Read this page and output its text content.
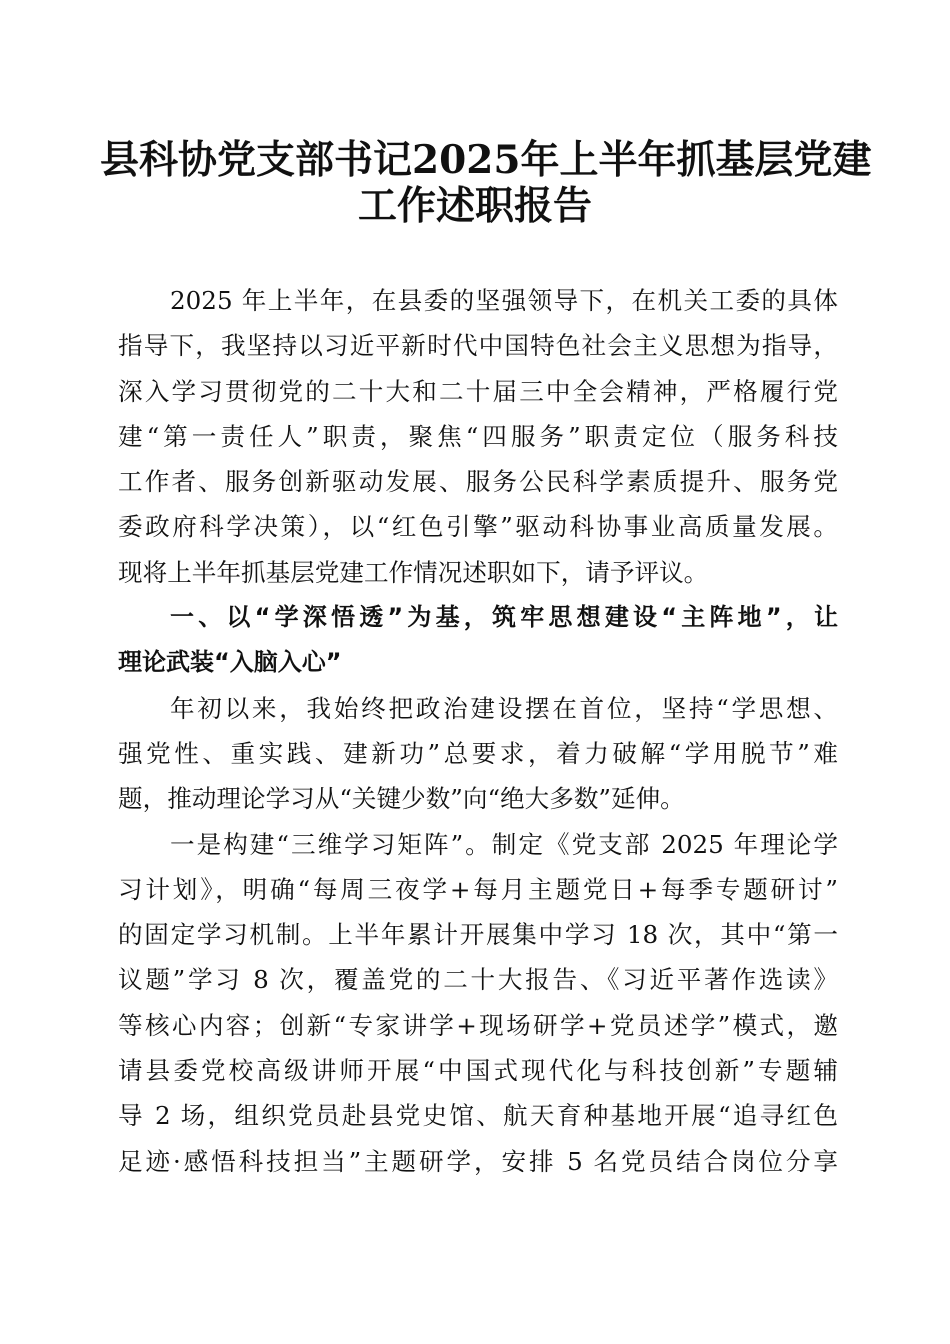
县科协党支部书记2025年上半年抓基层党建
工作述职报告
2025 年上半年，在县委的坚强领导下，在机关工委的具体
指导下，我坚持以习近平新时代中国特色社会主义思想为指导，
深入学习贯彻党的二十大和二十届三中全会精神，严格履行党
建“第一责任人”职责，聚焦“四服务”职责定位（服务科技
工作者、服务创新驱动发展、服务公民科学素质提升、服务党
委政府科学决策），以“红色引擎”驱动科协事业高质量发展。
现将上半年抓基层党建工作情况述职如下，请予评议。
一、以“学深悟透”为基，筑牢思想建设“主阵地”，让
理论武装“入脑入心”
年初以来，我始终把政治建设摆在首位，坚持“学思想、
强党性、重实践、建新功”总要求，着力破解“学用脱节”难
题，推动理论学习从“关键少数”向“绝大多数”延伸。
一是构建“三维学习矩阵”。制定《党支部 2025 年理论学
习计划》，明确“每周三夜学+每月主题党日+每季专题研讨”
的固定学习机制。上半年累计开展集中学习 18 次，其中“第一
议题”学习 8 次，覆盖党的二十大报告、《习近平著作选读》
等核心内容；创新“专家讲学+现场研学+党员述学”模式，邀
请县委党校高级讲师开展“中国式现代化与科技创新”专题辅
导 2 场，组织党员赴县党史馆、航天育种基地开展“追寻红色
足迹·感悟科技担当”主题研学，安排 5 名党员结合岗位分享
